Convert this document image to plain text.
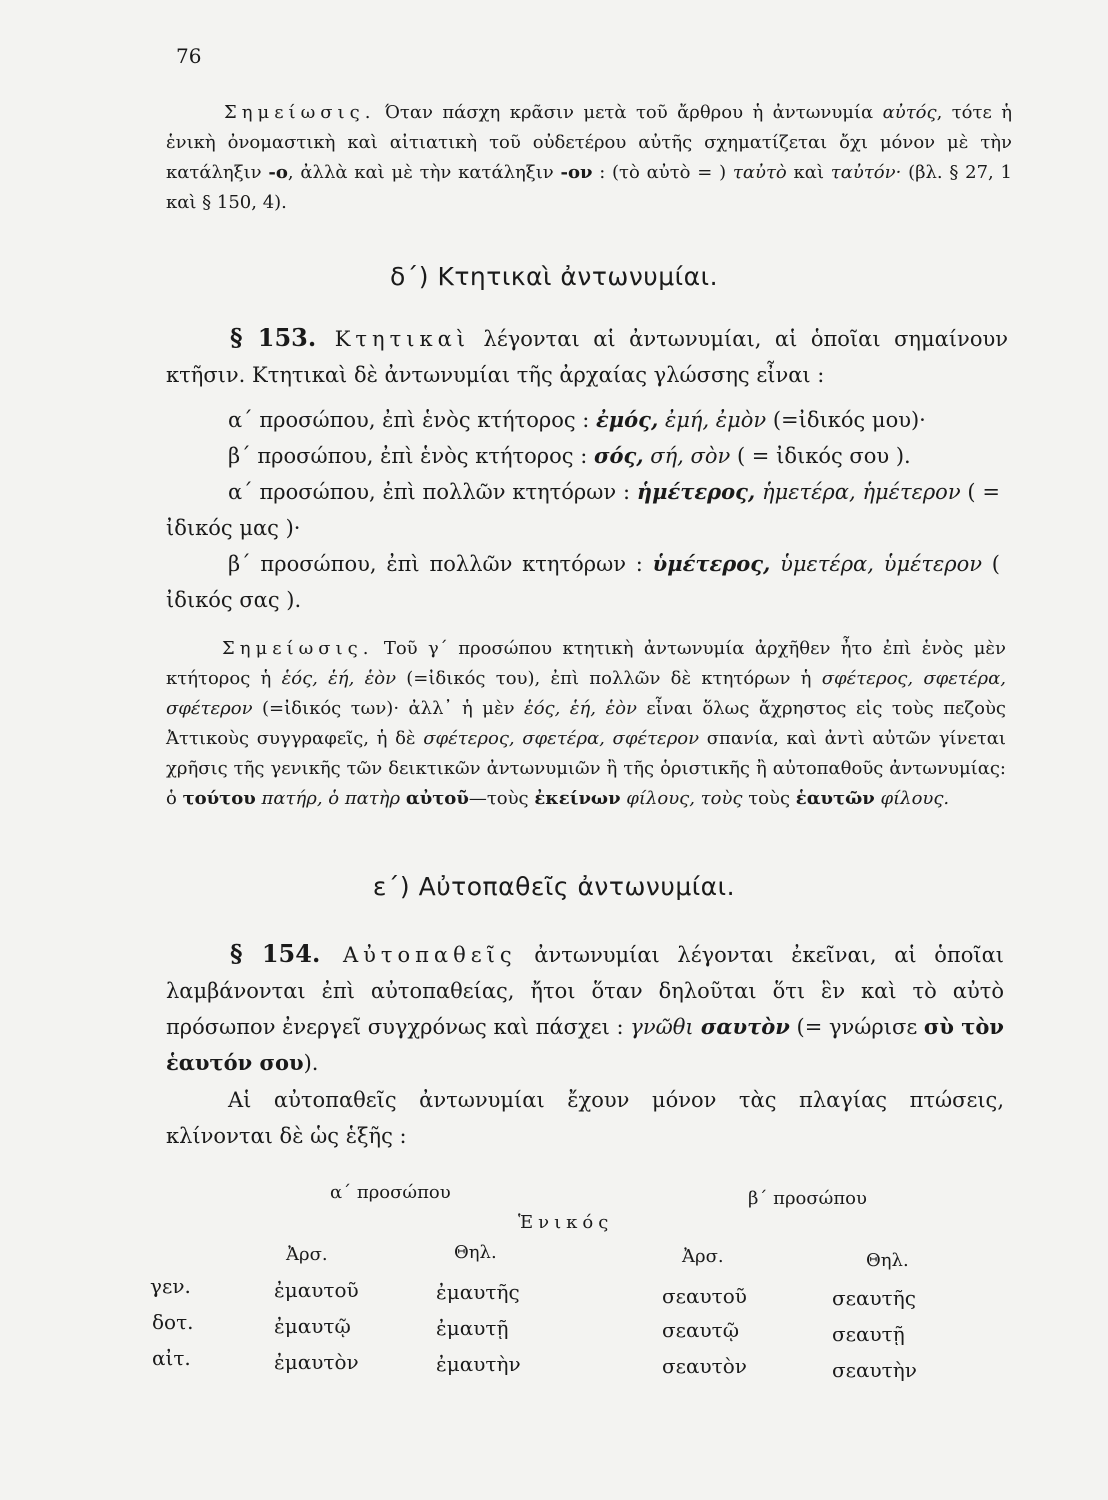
76

Σημείωσις. Όταν πάσχη κρᾶσιν μετὰ τοῦ ἄρθρου ἡ ἀντωνυμία αὐτός, τότε ἡ ἑνικὴ ὀνομαστικὴ καὶ αἰτιατικὴ τοῦ οὐδετέρου αὐτῆς σχηματίζεται ὄχι μόνον μὲ τὴν κατάληξιν -ο, ἀλλὰ καὶ μὲ τὴν κατάληξιν -ον : (τὸ αὐτὸ = ) ταὐτὸ καὶ ταὐτόν· (βλ. § 27, 1 καὶ § 150, 4).

δ΄) Κτητικαὶ ἀντωνυμίαι.

§ 153. Κτητικαὶ λέγονται αἱ ἀντωνυμίαι, αἱ ὁποῖαι σημαίνουν κτῆσιν. Κτητικαὶ δὲ ἀντωνυμίαι τῆς ἀρχαίας γλώσσης εἶναι :

α΄ προσώπου, ἐπὶ ἑνὸς κτήτορος : ἐμός, ἐμή, ἐμὸν (=ἰδικός μου)·
β΄ προσώπου, ἐπὶ ἑνὸς κτήτορος : σός, σή, σὸν ( = ἰδικός σου ).

α΄ προσώπου, ἐπὶ πολλῶν κτητόρων : ἡμέτερος, ἡμετέρα, ἡμέτερον ( = ἰδικός μας )·

β΄ προσώπου, ἐπὶ πολλῶν κτητόρων : ὑμέτερος, ὑμετέρα, ὑμέτερον ( ἰδικός σας ).

Σημείωσις. Τοῦ γ΄ προσώπου κτητικὴ ἀντωνυμία ἀρχῆθεν ἦτο ἐπὶ ἑνὸς μὲν κτήτορος ἡ ἑός, ἑή, ἑὸν (=ἰδικός του), ἐπὶ πολλῶν δὲ κτητόρων ἡ σφέτερος, σφετέρα, σφέτερον (=ἰδικός των)· ἀλλ᾽ ἡ μὲν ἑός, ἑή, ἑὸν εἶναι ὅλως ἄχρηστος εἰς τοὺς πεζοὺς Ἀττικοὺς συγγραφεῖς, ἡ δὲ σφέτερος, σφετέρα, σφέτερον σπανία, καὶ ἀντὶ αὐτῶν γίνεται χρῆσις τῆς γενικῆς τῶν δεικτικῶν ἀντωνυμιῶν ἢ τῆς ὁριστικῆς ἢ αὐτοπαθοῦς ἀντωνυμίας: ὁ τούτου πατήρ, ὁ πατὴρ αὐτοῦ—τοὺς ἐκείνων φίλους, τοὺς τοὺς ἑαυτῶν φίλους.

ε΄) Αὐτοπαθεῖς ἀντωνυμίαι.

§ 154. Αὐτοπαθεῖς ἀντωνυμίαι λέγονται ἐκεῖναι, αἱ ὁποῖαι λαμβάνονται ἐπὶ αὐτοπαθείας, ἤτοι ὅταν δηλοῦται ὅτι ἓν καὶ τὸ αὐτὸ πρόσωπον ἐνεργεῖ συγχρόνως καὶ πάσχει : γνῶθι σαυτὸν (= γνώρισε σὺ τὸν ἑαυτόν σου).

Αἱ αὐτοπαθεῖς ἀντωνυμίαι ἔχουν μόνον τὰς πλαγίας πτώσεις, κλίνονται δὲ ὡς ἑξῆς :

α΄ προσώπου	β΄ προσώπου
Ἑνικός
Ἀρσ.	Θηλ.	Ἀρσ.	Θηλ.
γεν.	ἐμαυτοῦ	ἐμαυτῆς	σεαυτοῦ	σεαυτῆς
δοτ.	ἐμαυτῷ	ἐμαυτῇ	σεαυτῷ	σεαυτῇ
αἰτ.	ἐμαυτὸν	ἐμαυτὴν	σεαυτὸν	σεαυτὴν
